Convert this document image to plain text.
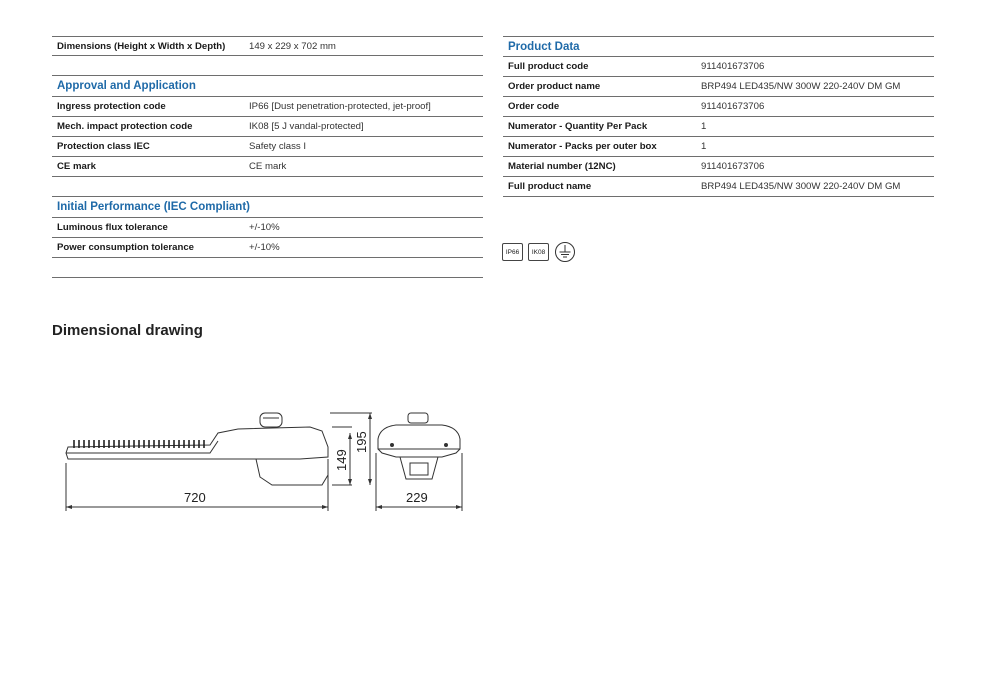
Dimensions (Height x Width x Depth)	149 x 229 x 702 mm
Approval and Application
Ingress protection code	IP66 [Dust penetration-protected, jet-proof]
Mech. impact protection code	IK08 [5 J vandal-protected]
Protection class IEC	Safety class I
CE mark	CE mark
Initial Performance (IEC Compliant)
Luminous flux tolerance	+/-10%
Power consumption tolerance	+/-10%
Product Data
Full product code	911401673706
Order product name	BRP494 LED435/NW 300W 220-240V DM GM
Order code	911401673706
Numerator - Quantity Per Pack	1
Numerator - Packs per outer box	1
Material number (12NC)	911401673706
Full product name	BRP494 LED435/NW 300W 220-240V DM GM
IP66	IK08
Dimensional drawing
720	229
149
195
